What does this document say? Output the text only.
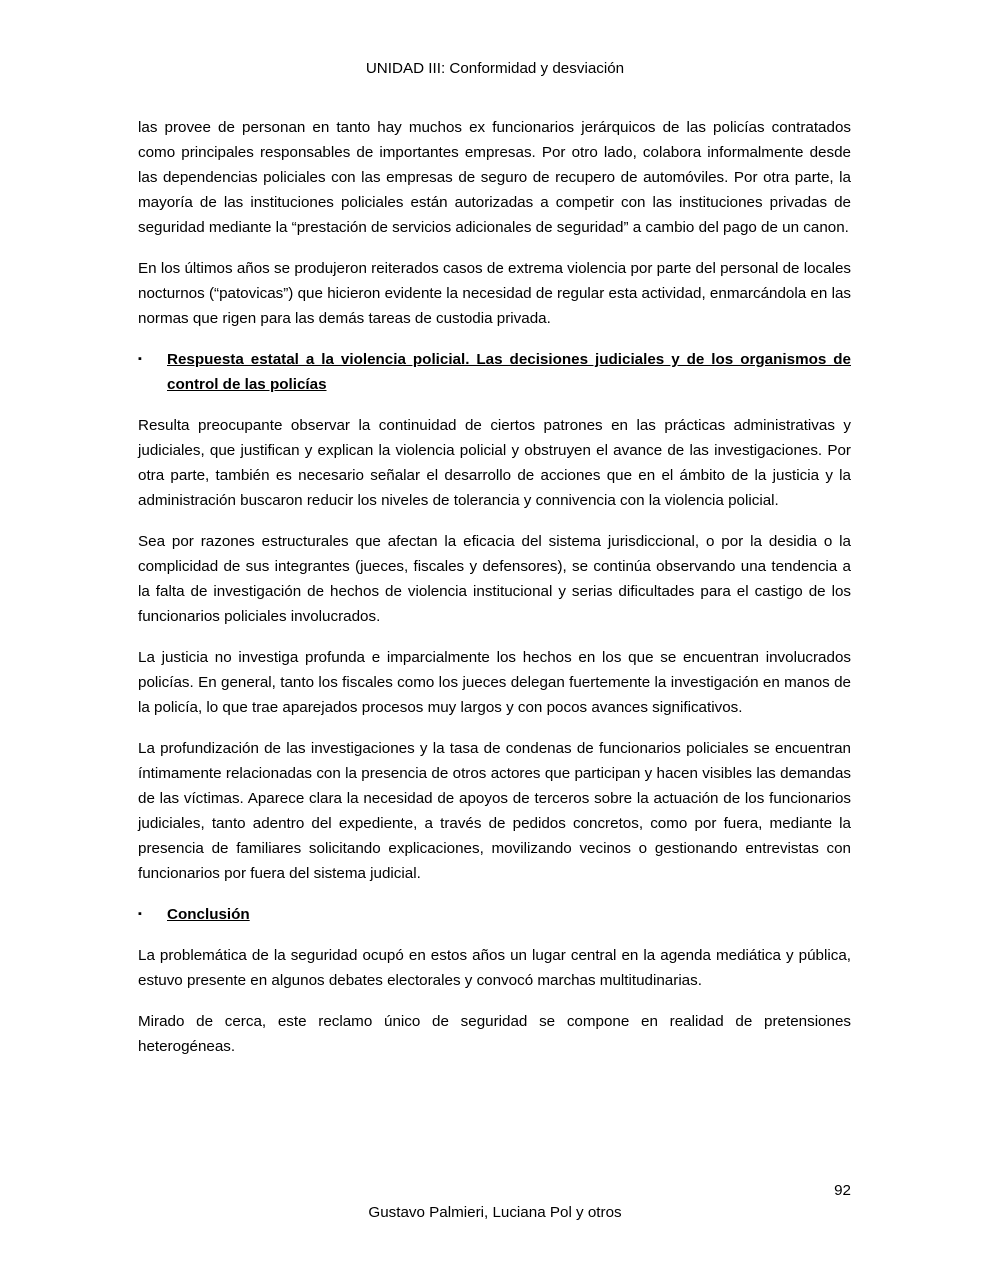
UNIDAD III: Conformidad y desviación

las provee de personan en tanto hay muchos ex funcionarios jerárquicos de las policías contratados como principales responsables de importantes empresas. Por otro lado, colabora informalmente desde las dependencias policiales con las empresas de seguro de recupero de automóviles. Por otra parte, la mayoría de las instituciones policiales están autorizadas a competir con las instituciones privadas de seguridad mediante la “prestación de servicios adicionales de seguridad” a cambio del pago de un canon.

En los últimos años se produjeron reiterados casos de extrema violencia por parte del personal de locales nocturnos (“patovicas”) que hicieron evidente la necesidad de regular esta actividad, enmarcándola en las normas que rigen para las demás tareas de custodia privada.

▪	Respuesta estatal a la violencia policial. Las decisiones judiciales y de los organismos de control de las policías

Resulta preocupante observar la continuidad de ciertos patrones en las prácticas administrativas y judiciales, que justifican y explican la violencia policial y obstruyen el avance de las investigaciones. Por otra parte, también es necesario señalar el desarrollo de acciones que en el ámbito de la justicia y la administración buscaron reducir los niveles de tolerancia y connivencia con la violencia policial.

Sea por razones estructurales que afectan la eficacia del sistema jurisdiccional, o por la desidia o la complicidad de sus integrantes (jueces, fiscales y defensores), se continúa observando una tendencia a la falta de investigación de hechos de violencia institucional y serias dificultades para el castigo de los funcionarios policiales involucrados.

La justicia no investiga profunda e imparcialmente los hechos en los que se encuentran involucrados policías. En general, tanto los fiscales como los jueces delegan fuertemente la investigación en manos de la policía, lo que trae aparejados procesos muy largos y con pocos avances significativos.

La profundización de las investigaciones y la tasa de condenas de funcionarios policiales se encuentran íntimamente relacionadas con la presencia de otros actores que participan y hacen visibles las demandas de las víctimas. Aparece clara la necesidad de apoyos de terceros sobre la actuación de los funcionarios judiciales, tanto adentro del expediente, a través de pedidos concretos, como por fuera, mediante la presencia de familiares solicitando explicaciones, movilizando vecinos o gestionando entrevistas con funcionarios por fuera del sistema judicial.

▪	Conclusión

La problemática de la seguridad ocupó en estos años un lugar central en la agenda mediática y pública, estuvo presente en algunos debates electorales y convocó marchas multitudinarias.

Mirado de cerca, este reclamo único de seguridad se compone en realidad de pretensiones heterogéneas.

92
Gustavo Palmieri, Luciana Pol y otros
